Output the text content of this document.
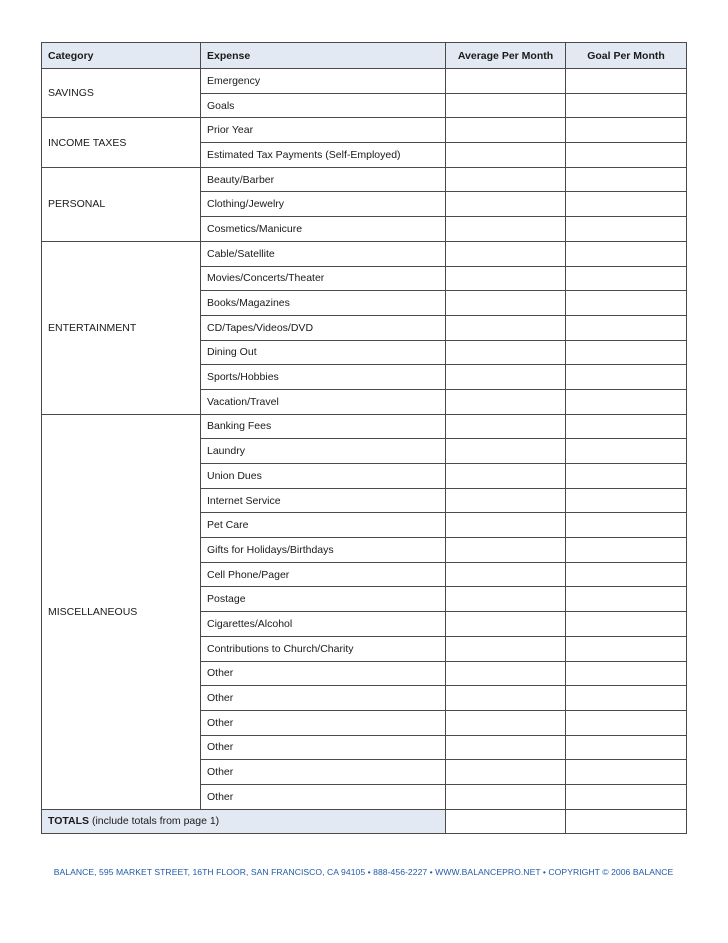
Category	Expense	Average Per Month	Goal Per Month
SAVINGS	Emergency		
	Goals		
INCOME TAXES	Prior Year		
	Estimated Tax Payments (Self-Employed)		
PERSONAL	Beauty/Barber		
	Clothing/Jewelry		
	Cosmetics/Manicure		
ENTERTAINMENT	Cable/Satellite		
	Movies/Concerts/Theater		
	Books/Magazines		
	CD/Tapes/Videos/DVD		
	Dining Out		
	Sports/Hobbies		
	Vacation/Travel		
MISCELLANEOUS	Banking Fees		
	Laundry		
	Union Dues		
	Internet Service		
	Pet Care		
	Gifts for Holidays/Birthdays		
	Cell Phone/Pager		
	Postage		
	Cigarettes/Alcohol		
	Contributions to Church/Charity		
	Other		
	Other		
	Other		
	Other		
	Other		
	Other		
TOTALS (include totals from page 1)			
BALANCE, 595 MARKET STREET, 16TH FLOOR, SAN FRANCISCO, CA 94105 • 888-456-2227 • WWW.BALANCEPRO.NET • COPYRIGHT © 2006 BALANCE
